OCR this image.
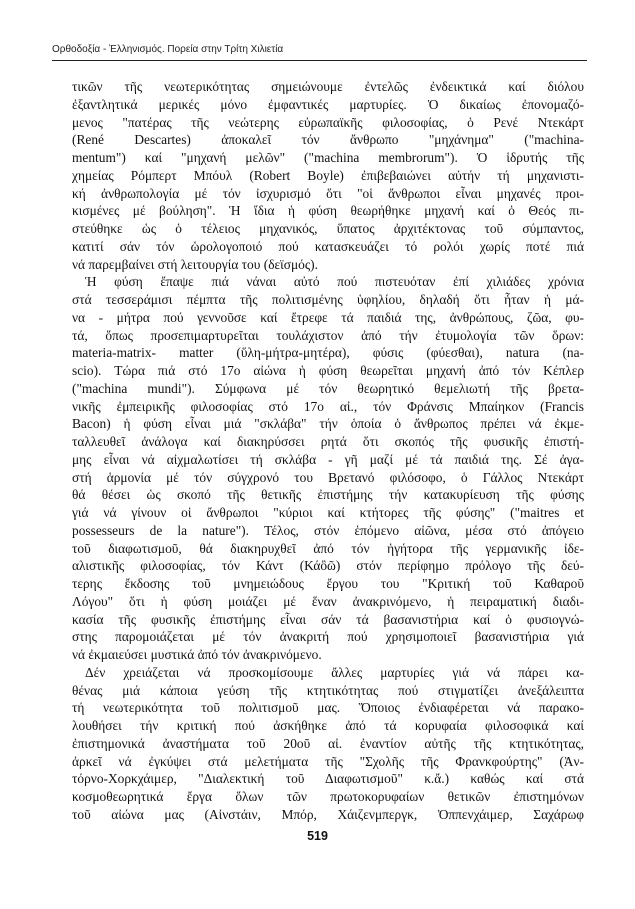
Ορθοδοξία - Ἑλληνισμός. Πορεία στην Τρίτη Χιλιετία
τικῶν τῆς νεωτερικότητας σημειώνουμε ἐντελῶς ἐνδεικτικά καί διόλου
ἐξαντλητικά μερικές μόνο ἐμφαντικές μαρτυρίες. Ὁ δικαίως ἐπονομαζό-
μενος "πατέρας τῆς νεώτερης εὐρωπαϊκῆς φιλοσοφίας, ὁ Ρενέ Ντεκάρτ
(René Descartes) ἀποκαλεῖ τόν ἄνθρωπο "μηχάνημα" ("machina-
mentum") καί "μηχανή μελῶν" ("machina membrorum"). Ὁ ἱδρυτής τῆς
χημείας Ρόμπερτ Μπόυλ (Robert Boyle) ἐπιβεβαιώνει αὐτήν τή μηχανιστι-
κή ἀνθρωπολογία μέ τόν ἰσχυρισμό ὅτι "οἱ ἄνθρωποι εἶναι μηχανές προι-
κισμένες μέ βούληση". Ἡ ἴδια ἡ φύση θεωρήθηκε μηχανή καί ὁ Θεός πι-
στεύθηκε ὡς ὁ τέλειος μηχανικός, ὕπατος ἀρχιτέκτονας τοῦ σύμπαντος,
κατιτί σάν τόν ὡρολογοποιό πού κατασκευάζει τό ρολόι χωρίς ποτέ πιά
νά παρεμβαίνει στή λειτουργία του (δεϊσμός).
Ἡ φύση ἔπαψε πιά νάναι αὐτό πού πιστευόταν ἐπί χιλιάδες χρόνια
στά τεσσεράμισι πέμπτα τῆς πολιτισμένης ὑφηλίου, δηλαδή ὅτι ἦταν ἡ μά-
να - μήτρα πού γεννοῦσε καί ἔτρεφε τά παιδιά της, ἀνθρώπους, ζῶα, φυ-
τά, ὅπως προσεπιμαρτυρεῖται τουλάχιστον ἀπό τήν ἐτυμολογία τῶν ὅρων:
materia-matrix- matter (ὕλη-μήτρα-μητέρα), φύσις (φύεσθαι), natura (na-
scio). Τώρα πιά στό 17ο αἰώνα ἡ φύση θεωρεῖται μηχανή ἀπό τόν Κέπλερ
("machina mundi"). Σύμφωνα μέ τόν θεωρητικό θεμελιωτή τῆς βρετα-
νικῆς ἐμπειρικῆς φιλοσοφίας στό 17ο αἰ., τόν Φράνσις Μπαίηκον (Francis
Bacon) ἡ φύση εἶναι μιά "σκλάβα" τήν ὁποία ὁ ἄνθρωπος πρέπει νά ἐκμε-
ταλλευθεῖ ἀνάλογα καί διακηρύσσει ρητά ὅτι σκοπός τῆς φυσικῆς ἐπιστή-
μης εἶναι νά αἰχμαλωτίσει τή σκλάβα - γῆ μαζί μέ τά παιδιά της. Σέ ἀγα-
στή ἁρμονία μέ τόν σύγχρονό του Βρετανό φιλόσοφο, ὁ Γάλλος Ντεκάρτ
θά θέσει ὡς σκοπό τῆς θετικῆς ἐπιστήμης τήν κατακυρίευση τῆς φύσης
γιά νά γίνουν οἱ ἄνθρωποι "κύριοι καί κτήτορες τῆς φύσης" ("maitres et
possesseurs de la nature"). Τέλος, στόν ἑπόμενο αἰῶνα, μέσα στό ἀπόγειο
τοῦ διαφωτισμοῦ, θά διακηρυχθεῖ ἀπό τόν ἡγήτορα τῆς γερμανικῆς ἰδε-
αλιστικῆς φιλοσοφίας, τόν Κάντ (Κάὂῶ) στόν περίφημο πρόλογο τῆς δεύ-
τερης ἔκδοσης τοῦ μνημειώδους ἔργου του "Κριτική τοῦ Καθαροῦ
Λόγου" ὅτι ἡ φύση μοιάζει μέ ἕναν ἀνακρινόμενο, ἡ πειραματική διαδι-
κασία τῆς φυσικῆς ἐπιστήμης εἶναι σάν τά βασανιστήρια καί ὁ φυσιογνώ-
στης παρομοιάζεται μέ τόν ἀνακριτή πού χρησιμοποιεῖ βασανιστήρια γιά
νά ἐκμαιεύσει μυστικά ἀπό τόν ἀνακρινόμενο.
Δέν χρειάζεται νά προσκομίσουμε ἄλλες μαρτυρίες γιά νά πάρει κα-
θένας μιά κάποια γεύση τῆς κτητικότητας πού στιγματίζει ἀνεξάλειπτα
τή νεωτερικότητα τοῦ πολιτισμοῦ μας. Ὅποιος ἐνδιαφέρεται νά παρακο-
λουθήσει τήν κριτική πού ἀσκήθηκε ἀπό τά κορυφαία φιλοσοφικά καί
ἐπιστημονικά ἀναστήματα τοῦ 20οῦ αἰ. ἐναντίον αὐτῆς τῆς κτητικότητας,
ἀρκεῖ νά ἐγκύψει στά μελετήματα τῆς "Σχολῆς τῆς Φρανκφούρτης" (Ἀν-
τόρνο-Χορκχάιμερ, "Διαλεκτική τοῦ Διαφωτισμοῦ" κ.ἄ.) καθώς καί στά
κοσμοθεωρητικά ἔργα ὅλων τῶν πρωτοκορυφαίων θετικῶν ἐπιστημόνων
τοῦ αἰώνα μας (Αἰνστάιν, Μπόρ, Χάιζενμπεργκ, Ὀππενχάιμερ, Σαχάρωφ
519
